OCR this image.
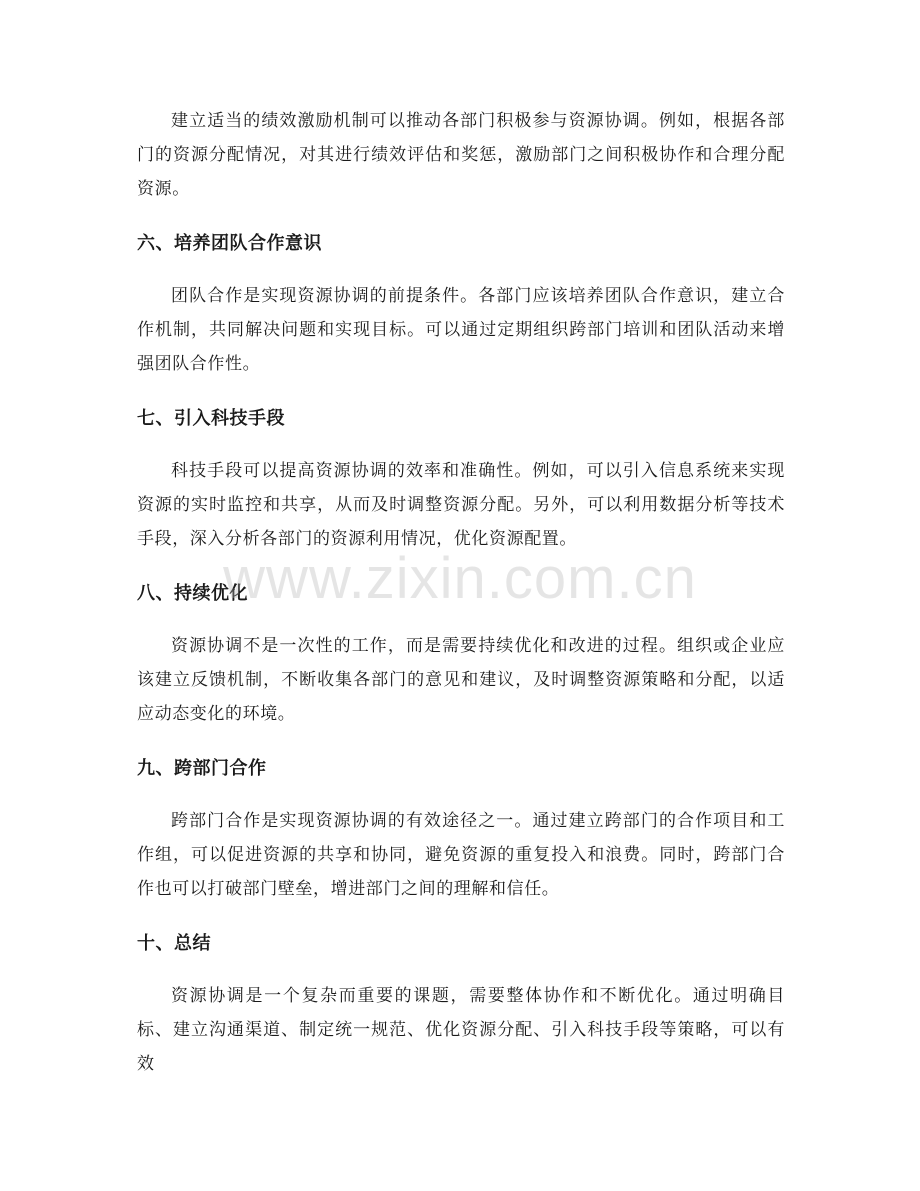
建立适当的绩效激励机制可以推动各部门积极参与资源协调。例如，根据各部门的资源分配情况，对其进行绩效评估和奖惩，激励部门之间积极协作和合理分配资源。

六、培养团队合作意识

团队合作是实现资源协调的前提条件。各部门应该培养团队合作意识，建立合作机制，共同解决问题和实现目标。可以通过定期组织跨部门培训和团队活动来增强团队合作性。

七、引入科技手段

科技手段可以提高资源协调的效率和准确性。例如，可以引入信息系统来实现资源的实时监控和共享，从而及时调整资源分配。另外，可以利用数据分析等技术手段，深入分析各部门的资源利用情况，优化资源配置。

八、持续优化

资源协调不是一次性的工作，而是需要持续优化和改进的过程。组织或企业应该建立反馈机制，不断收集各部门的意见和建议，及时调整资源策略和分配，以适应动态变化的环境。

九、跨部门合作

跨部门合作是实现资源协调的有效途径之一。通过建立跨部门的合作项目和工作组，可以促进资源的共享和协同，避免资源的重复投入和浪费。同时，跨部门合作也可以打破部门壁垒，增进部门之间的理解和信任。

十、总结

资源协调是一个复杂而重要的课题，需要整体协作和不断优化。通过明确目标、建立沟通渠道、制定统一规范、优化资源分配、引入科技手段等策略，可以有效

www.zixin.com.cn
